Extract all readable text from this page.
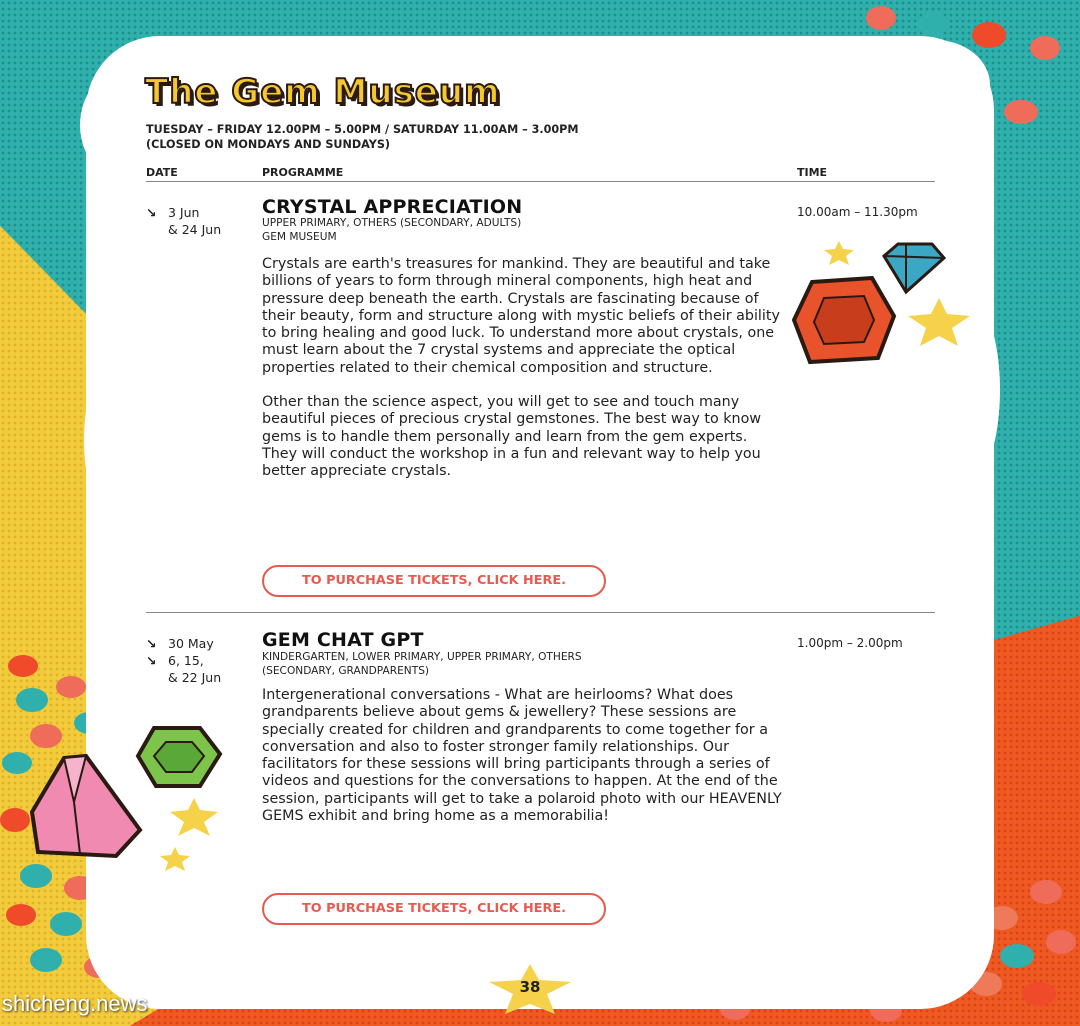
The Gem Museum
TUESDAY – FRIDAY 12.00PM – 5.00PM / SATURDAY 11.00AM – 3.00PM
(CLOSED ON MONDAYS AND SUNDAYS)
DATE	PROGRAMME	TIME
↘ 3 Jun
& 24 Jun
CRYSTAL APPRECIATION
UPPER PRIMARY, OTHERS (SECONDARY, ADULTS)
GEM MUSEUM
10.00am – 11.30pm

Crystals are earth's treasures for mankind. They are beautiful and take billions of years to form through mineral components, high heat and pressure deep beneath the earth. Crystals are fascinating because of their beauty, form and structure along with mystic beliefs of their ability to bring healing and good luck. To understand more about crystals, one must learn about the 7 crystal systems and appreciate the optical properties related to their chemical composition and structure.

Other than the science aspect, you will get to see and touch many beautiful pieces of precious crystal gemstones. The best way to know gems is to handle them personally and learn from the gem experts. They will conduct the workshop in a fun and relevant way to help you better appreciate crystals.

TO PURCHASE TICKETS, CLICK HERE.
↘ 30 May
↘ 6, 15,
& 22 Jun
GEM CHAT GPT
KINDERGARTEN, LOWER PRIMARY, UPPER PRIMARY, OTHERS
(SECONDARY, GRANDPARENTS)
1.00pm – 2.00pm

Intergenerational conversations - What are heirlooms? What does grandparents believe about gems & jewellery? These sessions are specially created for children and grandparents to come together for a conversation and also to foster stronger family relationships. Our facilitators for these sessions will bring participants through a series of videos and questions for the conversations to happen. At the end of the session, participants will get to take a polaroid photo with our HEAVENLY GEMS exhibit and bring home as a memorabilia!

TO PURCHASE TICKETS, CLICK HERE.
38
shicheng.news
